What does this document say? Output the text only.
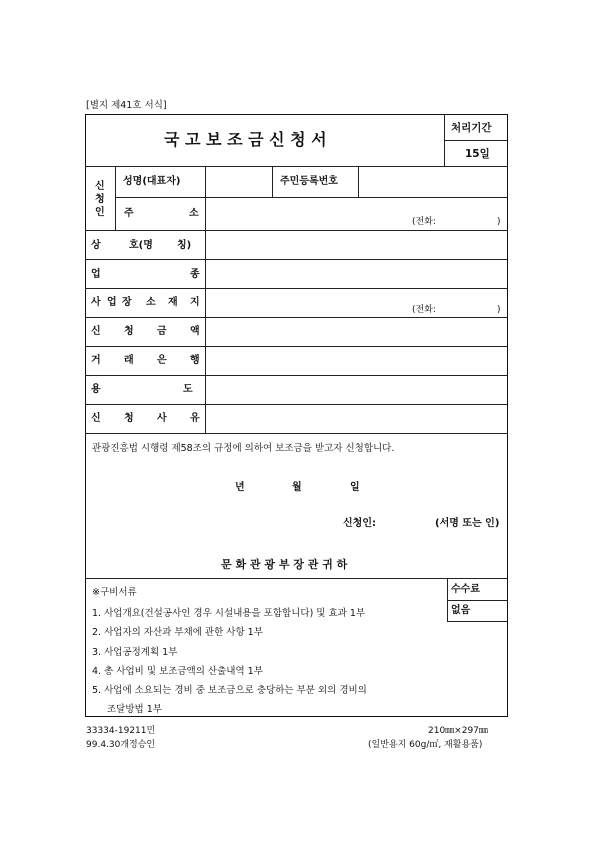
[별지 제41호 서식]
국 고 보 조 금 신 청 서
처리기간
15일
신
청
인
성명(대표자)	주민등록번호
주	소
(전화:	)
상	호(명 칭)
업	종
사 업 장 소 재 지
(전화:	)
신 청 금 액
거 래 은 행
용	도
신 청 사 유
관광진흥법 시행령 제58조의 규정에 의하여 보조금을 받고자 신청합니다.
년	월	일
신청인:	(서명 또는 인)
문 화 관 광 부 장 관 귀 하
※구비서류
1. 사업개요(건설공사인 경우 시설내용을 포함합니다) 및 효과 1부
2. 사업자의 자산과 부채에 관한 사항 1부
3. 사업공정계획 1부
4. 총 사업비 및 보조금액의 산출내역 1부
5. 사업에 소요되는 경비 중 보조금으로 충당하는 부분 외의 경비의
조달방법 1부
수수료
없음
33334-19211민
99.4.30개정승인
210㎜×297㎜
(일반용지 60g/㎡, 재활용품)
